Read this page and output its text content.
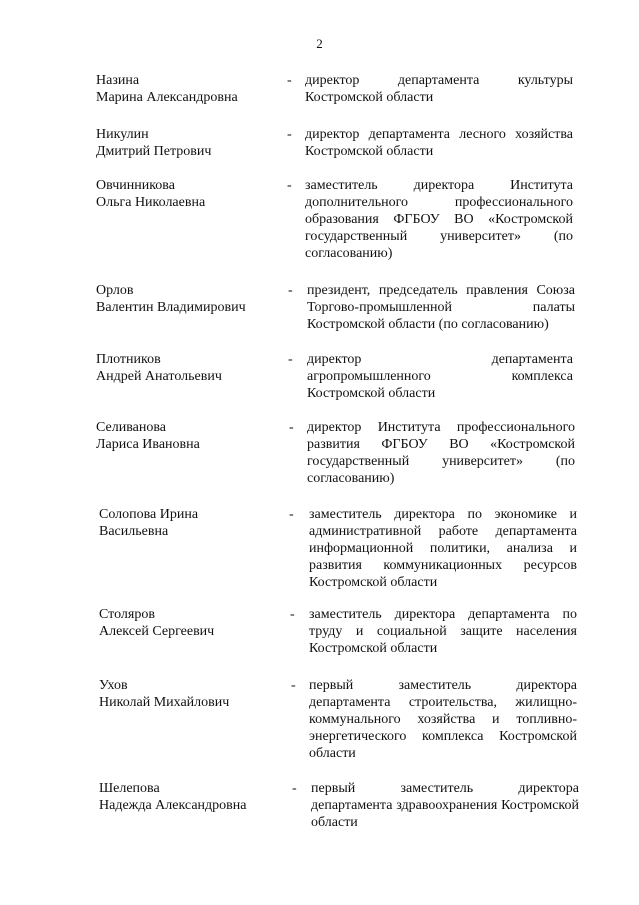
2
Назина
Марина Александровна
- директор департамента культуры Костромской области
Никулин
Дмитрий Петрович
- директор департамента лесного хозяйства Костромской области
Овчинникова
Ольга Николаевна
- заместитель директора Института дополнительного профессионального образования ФГБОУ ВО «Костромской государственный университет» (по согласованию)
Орлов
Валентин Владимирович
- президент, председатель правления Союза Торгово-промышленной палаты Костромской области (по согласованию)
Плотников
Андрей Анатольевич
- директор департамента агропромышленного комплекса Костромской области
Селиванова
Лариса Ивановна
- директор Института профессионального развития ФГБОУ ВО «Костромской государственный университет» (по согласованию)
Солопова Ирина
Васильевна
- заместитель директора по экономике и административной работе департамента информационной политики, анализа и развития коммуникационных ресурсов Костромской области
Столяров
Алексей Сергеевич
- заместитель директора департамента по труду и социальной защите населения Костромской области
Ухов
Николай Михайлович
- первый заместитель директора департамента строительства, жилищно-коммунального хозяйства и топливно-энергетического комплекса Костромской области
Шелепова
Надежда Александровна
- первый заместитель директора департамента здравоохранения Костромской области
